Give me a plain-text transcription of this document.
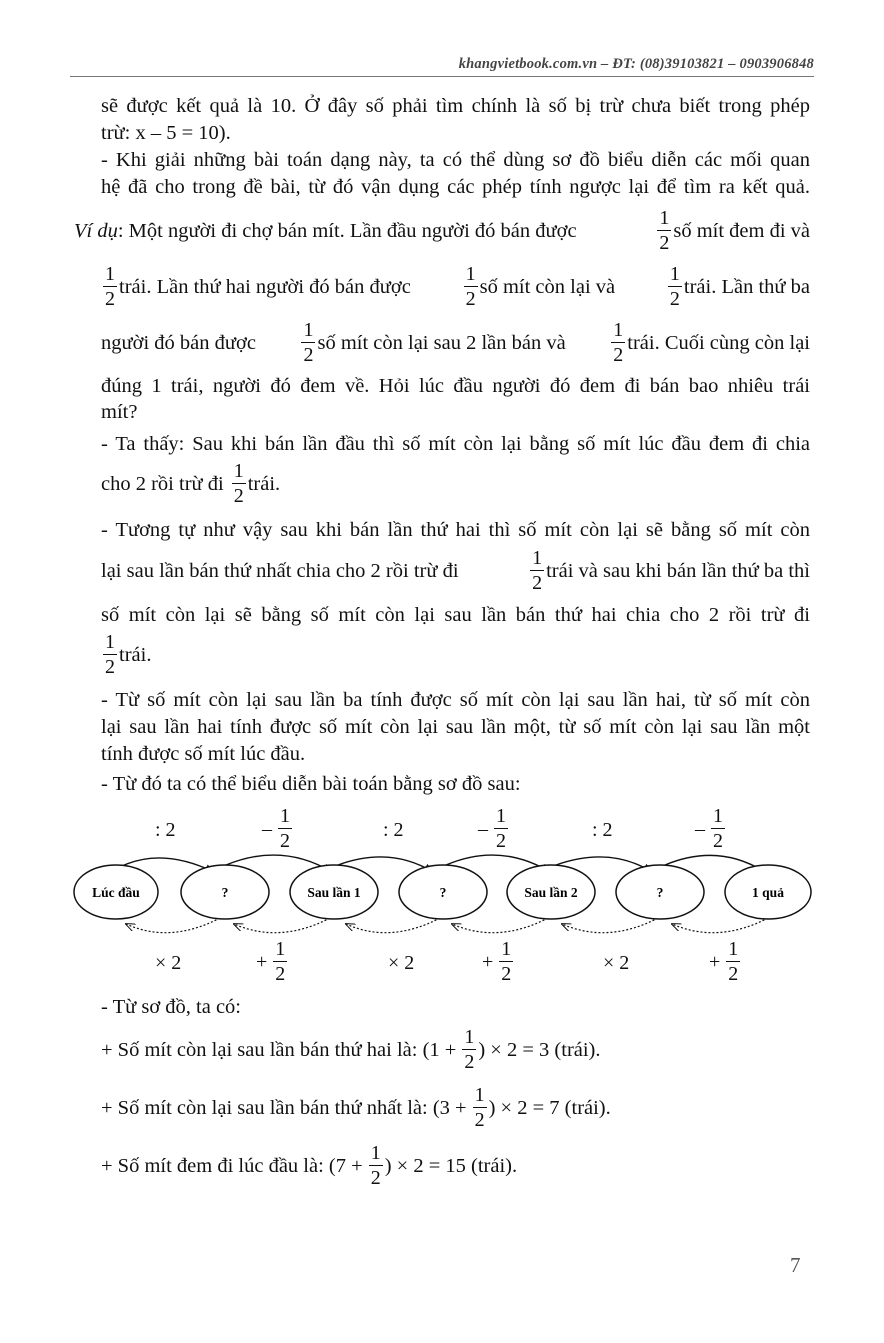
khangvietbook.com.vn – ĐT: (08)39103821 – 0903906848
sẽ được kết quả là 10. Ở đây số phải tìm chính là số bị trừ chưa biết trong phép
trừ: x – 5 = 10).
- Khi giải những bài toán dạng này, ta có thể dùng sơ đồ biểu diễn các mối quan
hệ đã cho trong đề bài, từ đó vận dụng các phép tính ngược lại để tìm ra kết quả.
Ví dụ: Một người đi chợ bán mít. Lần đầu người đó bán được	$\frac{1}{2}$ số mít đem đi và
$\frac{1}{2}$ trái. Lần thứ hai người đó bán được	$\frac{1}{2}$ số mít còn lại và	$\frac{1}{2}$ trái. Lần thứ ba
người đó bán được $\frac{1}{2}$ số mít còn lại sau 2 lần bán và $\frac{1}{2}$ trái. Cuối cùng còn lại
đúng 1 trái, người đó đem về. Hỏi lúc đầu người đó đem đi bán bao nhiêu trái
mít?
- Ta thấy: Sau khi bán lần đầu thì số mít còn lại bằng số mít lúc đầu đem đi chia
cho 2 rồi trừ đi $\frac{1}{2}$ trái.
- Tương tự như vậy sau khi bán lần thứ hai thì số mít còn lại sẽ bằng số mít còn
lại sau lần bán thứ nhất chia cho 2 rồi trừ đi	$\frac{1}{2}$ trái và sau khi bán lần thứ ba thì
số mít còn lại sẽ bằng số mít còn lại sau lần bán thứ hai chia cho 2 rồi trừ đi
$\frac{1}{2}$ trái.
- Từ số mít còn lại sau lần ba tính được số mít còn lại sau lần hai, từ số mít còn
lại sau lần hai tính được số mít còn lại sau lần một, từ số mít còn lại sau lần một
tính được số mít lúc đầu.
- Từ đó ta có thể biểu diễn bài toán bằng sơ đồ sau:
: 2	– $\frac{1}{2}$	: 2	– $\frac{1}{2}$	: 2	– $\frac{1}{2}$
Lúc đầu	?	Sau lần 1	?	Sau lần 2	?	1 quả
× 2	+ $\frac{1}{2}$	× 2	+ $\frac{1}{2}$	× 2	+ $\frac{1}{2}$
- Từ sơ đồ, ta có:
+ Số mít còn lại sau lần bán thứ hai là: ($1 + \frac{1}{2}$ ) × 2 = 3 (trái).
+ Số mít còn lại sau lần bán thứ nhất là: ($3 + \frac{1}{2}$ ) × 2 = 7 (trái).
+ Số mít đem đi lúc đầu là: ($7 + \frac{1}{2}$ ) × 2 = 15 (trái).
7
